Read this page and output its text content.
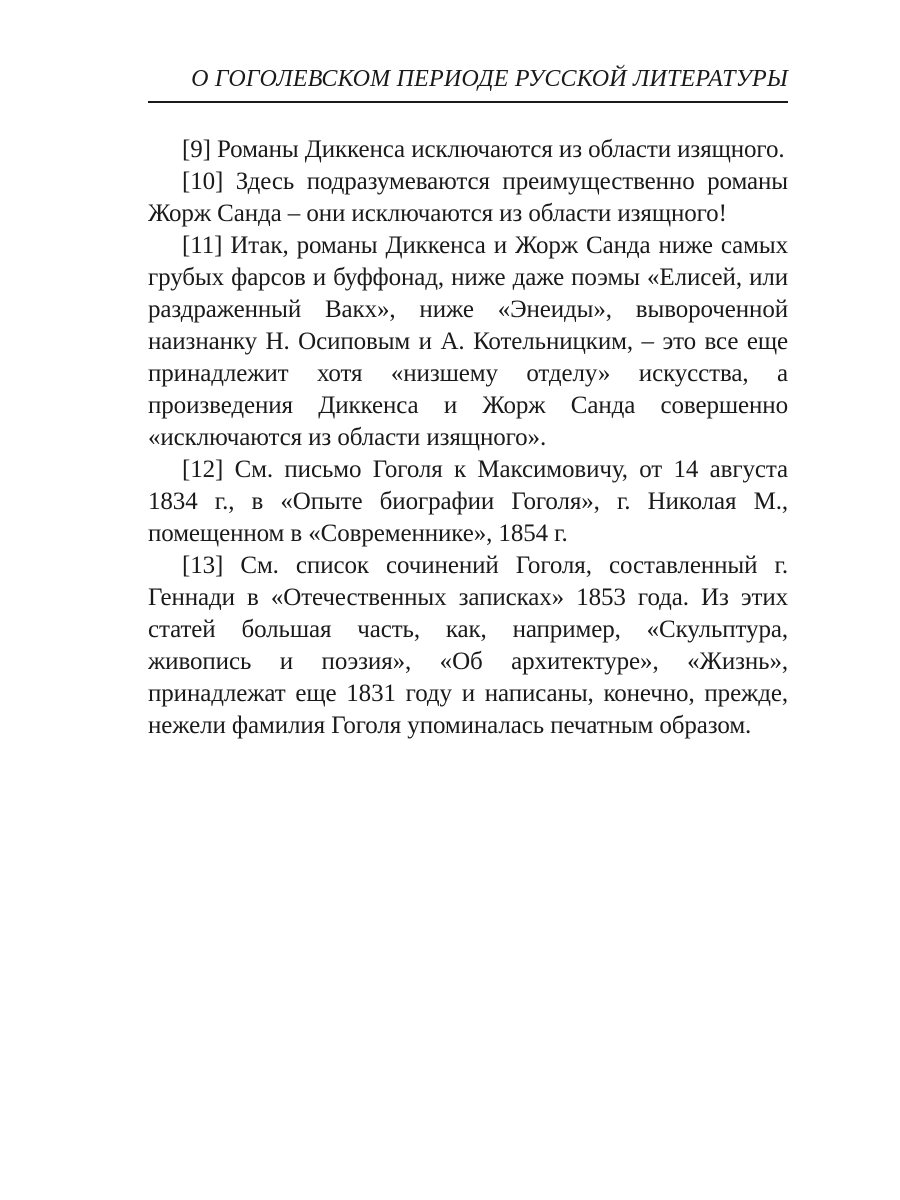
О ГОГОЛЕВСКОМ ПЕРИОДЕ РУССКОЙ ЛИТЕРАТУРЫ

[9] Романы Диккенса исключаются из области изящного.

[10] Здесь подразумеваются преимущественно романы Жорж Санда – они исключаются из области изящного!

[11] Итак, романы Диккенса и Жорж Санда ниже самых грубых фарсов и буффонад, ниже даже поэмы «Елисей, или раздраженный Вакх», ниже «Энеиды», вывороченной наизнанку Н. Осиповым и А. Котельницким, – это все еще принадлежит хотя «низшему отделу» искусства, а произведения Диккенса и Жорж Санда совершенно «исключаются из области изящного».

[12] См. письмо Гоголя к Максимовичу, от 14 августа 1834 г., в «Опыте биографии Гоголя», г. Николая М., помещенном в «Современнике», 1854 г.

[13] См. список сочинений Гоголя, составленный г. Геннади в «Отечественных записках» 1853 года. Из этих статей большая часть, как, например, «Скульптура, живопись и поэзия», «Об архитектуре», «Жизнь», принадлежат еще 1831 году и написаны, конечно, прежде, нежели фамилия Гоголя упоминалась печатным образом.
